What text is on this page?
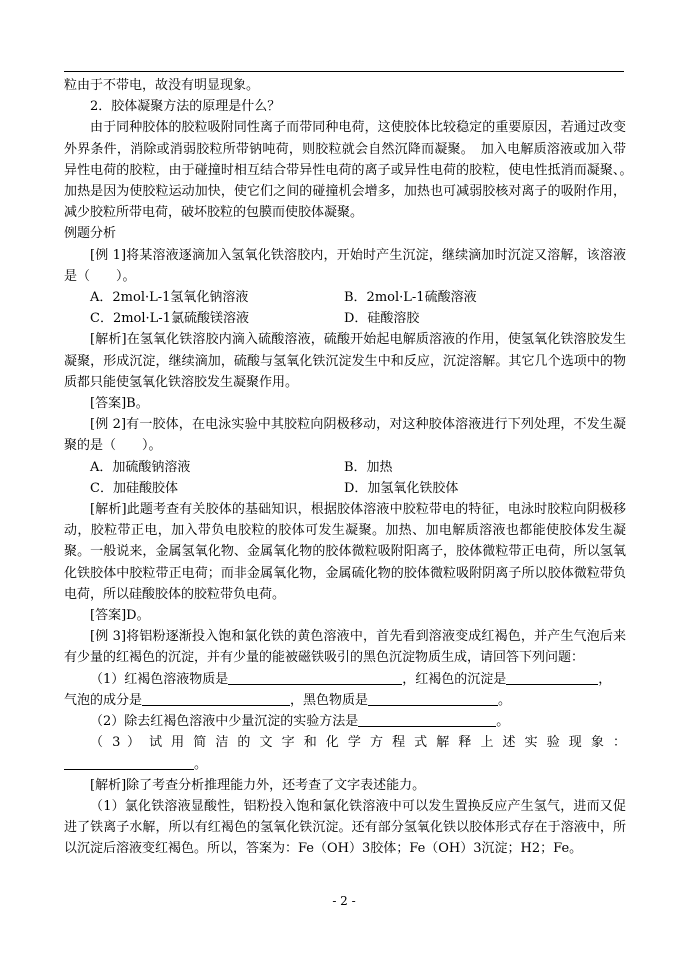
粒由于不带电，故没有明显现象。

2．胶体凝聚方法的原理是什么？

由于同种胶体的胶粒吸附同性离子而带同种电荷，这使胶体比较稳定的重要原因，若通过改变外界条件，消除或消弱胶粒所带钠吨荷，则胶粒就会自然沉降而凝聚。　加入电解质溶液或加入带异性电荷的胶粒，由于碰撞时相互结合带异性电荷的离子或异性电荷的胶粒，使电性抵消而凝聚、。　加热是因为使胶粒运动加快，使它们之间的碰撞机会增多，加热也可减弱胶核对离子的吸附作用，减少胶粒所带电荷，破坏胶粒的包膜而使胶体凝聚。

例题分析

[例 1]将某溶液逐滴加入氢氧化铁溶胶内，开始时产生沉淀，继续滴加时沉淀又溶解，该溶液是（　　）。

A．2mol·L-1氢氧化钠溶液	B．2mol·L-1硫酸溶液
C．2mol·L-1氯硫酸镁溶液	D．硅酸溶胶

[解析]在氢氧化铁溶胶内滴入硫酸溶液，硫酸开始起电解质溶液的作用，使氢氧化铁溶胶发生凝聚，形成沉淀，继续滴加，硫酸与氢氧化铁沉淀发生中和反应，沉淀溶解。其它几个选项中的物质都只能使氢氧化铁溶胶发生凝聚作用。

[答案]B。

[例 2]有一胶体，在电泳实验中其胶粒向阴极移动，对这种胶体溶液进行下列处理，不发生凝聚的是（　　）。

A．加硫酸钠溶液	B．加热
C．加硅酸胶体	D．加氢氧化铁胶体

[解析]此题考查有关胶体的基础知识，根据胶体溶液中胶粒带电的特征，电泳时胶粒向阴极移动，胶粒带正电，加入带负电胶粒的胶体可发生凝聚。加热、加电解质溶液也都能使胶体发生凝聚。一般说来，金属氢氧化物、金属氧化物的胶体微粒吸附阳离子，胶体微粒带正电荷，所以氢氧化铁胶体中胶粒带正电荷；而非金属氧化物，金属硫化物的胶体微粒吸附阴离子所以胶体微粒带负电荷，所以硅酸胶体的胶粒带负电荷。

[答案]D。

[例 3]将铝粉逐渐投入饱和氯化铁的黄色溶液中，首先看到溶液变成红褐色，并产生气泡后来有少量的红褐色的沉淀，并有少量的能被磁铁吸引的黑色沉淀物质生成，请回答下列问题：

（1）红褐色溶液物质是	，红褐色的沉淀是	，

气泡的成分是	，黑色物质是	。

（2）除去红褐色溶液中少量沉淀的实验方法是	。

（ 3 ） 试 用 简 洁 的 文 字 和 化 学 方 程 式 解 释 上 述 实 验 现 象 ：

。

[解析]除了考查分析推理能力外，还考查了文字表述能力。

（1）氯化铁溶液显酸性，铝粉投入饱和氯化铁溶液中可以发生置换反应产生氢气，进而又促进了铁离子水解，所以有红褐色的氢氧化铁沉淀。还有部分氢氧化铁以胶体形式存在于溶液中，所以沉淀后溶液变红褐色。所以，答案为：Fe（OH）3胶体；Fe（OH）3沉淀；H2；Fe。

- 2 -
